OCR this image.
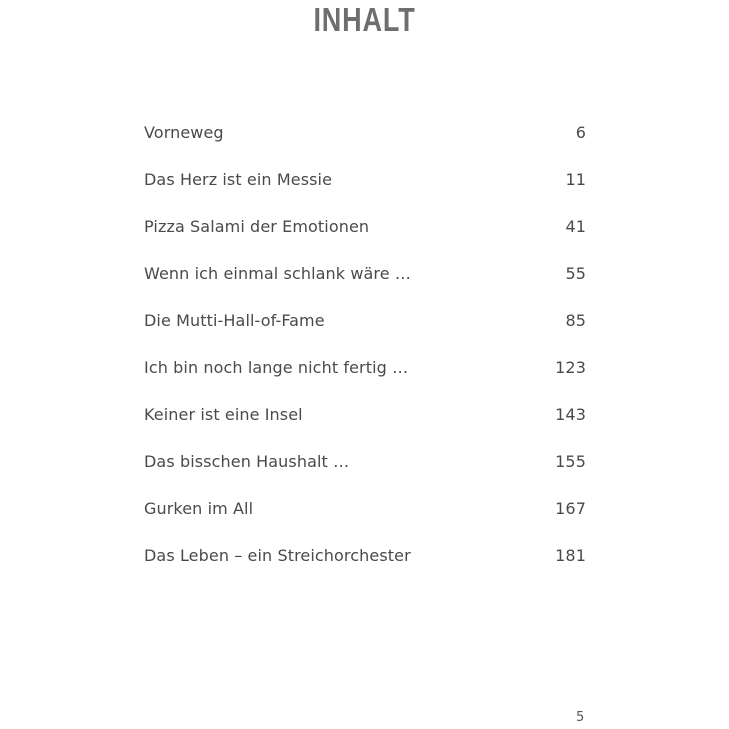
INHALT
Vorneweg	6
Das Herz ist ein Messie	11
Pizza Salami der Emotionen	41
Wenn ich einmal schlank wäre …	55
Die Mutti-Hall-of-Fame	85
Ich bin noch lange nicht fertig …	123
Keiner ist eine Insel	143
Das bisschen Haushalt …	155
Gurken im All	167
Das Leben – ein Streichorchester	181
5
